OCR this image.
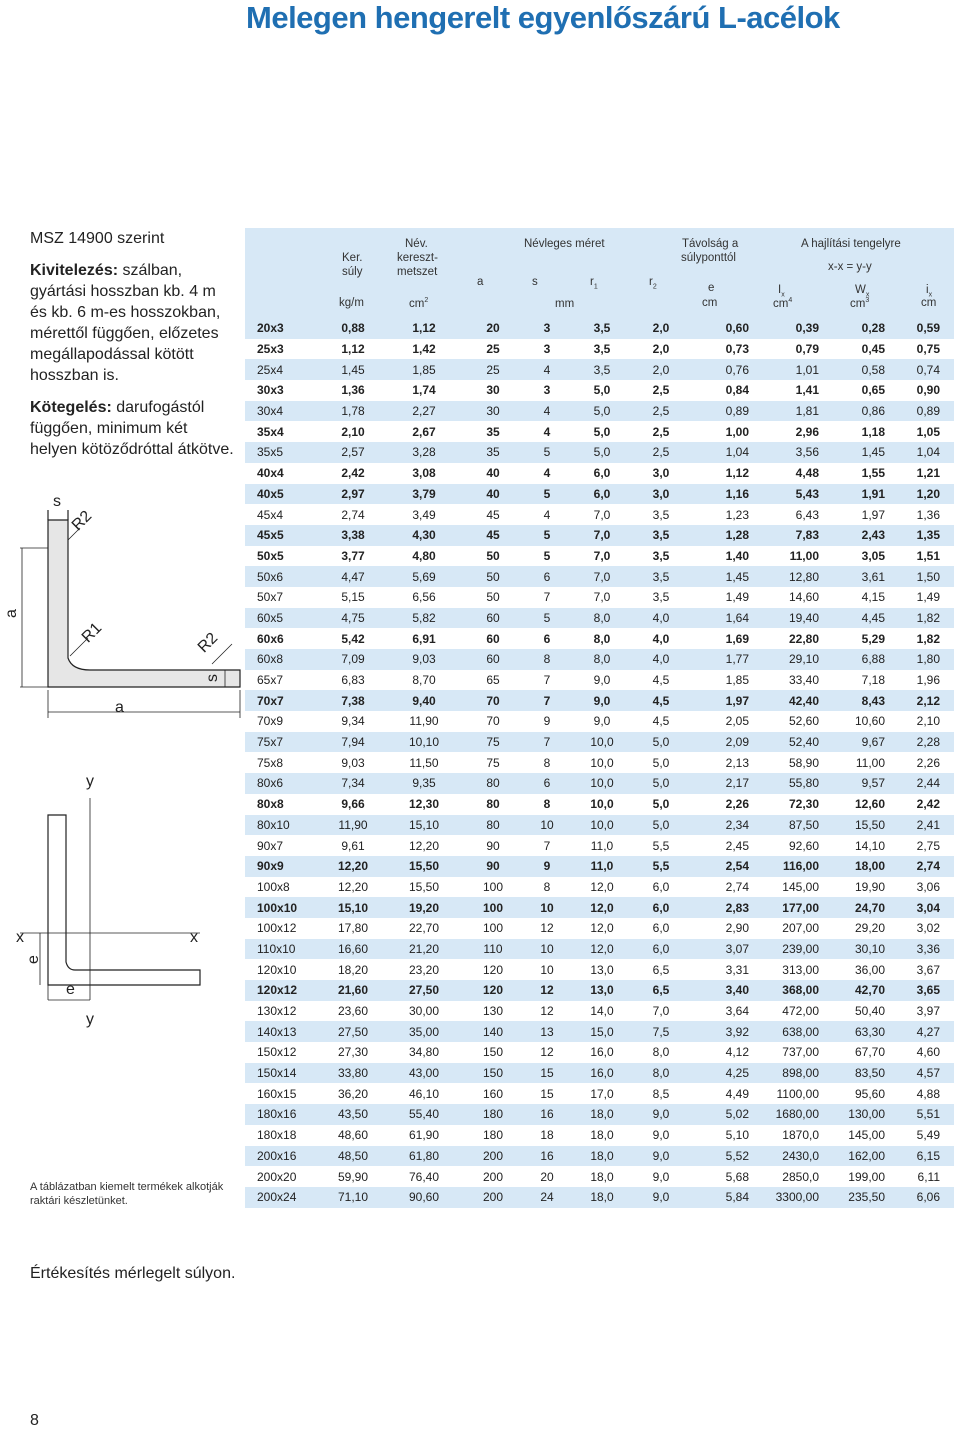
Melegen hengerelt egyenlőszárú L-acélok

MSZ 14900 szerint

Kivitelezés: szálban, gyártási hosszban kb. 4 m és kb. 6 m-es hosszokban, mérettől függően, előzetes megállapodással kötött hosszban is.

Kötegelés: darufogástól függően, minimum két helyen kötöződróttal átkötve.

s
R2
a
R1	R2
s
a
y
x	x
e
e
y
A táblázatban kiemelt termékek alkotják raktári készletünket.
Értékesítés mérlegelt súlyon.
8
Ker.
súly
Név.
kereszt-
metszet
Névleges méret
a	s	$r_1$	$r_2$
Távolság a
súlyponttól
A hajlítási tengelyre
x-x = y-y
e	$I_x$	$W_x$	$i_x$
kg/m	$cm^2$	mm	cm	$cm^4$	$cm^3$	cm
20x3	0,88	1,12	20	3	3,5	2,0	0,60	0,39	0,28	0,59
25x3	1,12	1,42	25	3	3,5	2,0	0,73	0,79	0,45	0,75
25x4	1,45	1,85	25	4	3,5	2,0	0,76	1,01	0,58	0,74
30x3	1,36	1,74	30	3	5,0	2,5	0,84	1,41	0,65	0,90
30x4	1,78	2,27	30	4	5,0	2,5	0,89	1,81	0,86	0,89
35x4	2,10	2,67	35	4	5,0	2,5	1,00	2,96	1,18	1,05
35x5	2,57	3,28	35	5	5,0	2,5	1,04	3,56	1,45	1,04
40x4	2,42	3,08	40	4	6,0	3,0	1,12	4,48	1,55	1,21
40x5	2,97	3,79	40	5	6,0	3,0	1,16	5,43	1,91	1,20
45x4	2,74	3,49	45	4	7,0	3,5	1,23	6,43	1,97	1,36
45x5	3,38	4,30	45	5	7,0	3,5	1,28	7,83	2,43	1,35
50x5	3,77	4,80	50	5	7,0	3,5	1,40	11,00	3,05	1,51
50x6	4,47	5,69	50	6	7,0	3,5	1,45	12,80	3,61	1,50
50x7	5,15	6,56	50	7	7,0	3,5	1,49	14,60	4,15	1,49
60x5	4,75	5,82	60	5	8,0	4,0	1,64	19,40	4,45	1,82
60x6	5,42	6,91	60	6	8,0	4,0	1,69	22,80	5,29	1,82
60x8	7,09	9,03	60	8	8,0	4,0	1,77	29,10	6,88	1,80
65x7	6,83	8,70	65	7	9,0	4,5	1,85	33,40	7,18	1,96
70x7	7,38	9,40	70	7	9,0	4,5	1,97	42,40	8,43	2,12
70x9	9,34	11,90	70	9	9,0	4,5	2,05	52,60	10,60	2,10
75x7	7,94	10,10	75	7	10,0	5,0	2,09	52,40	9,67	2,28
75x8	9,03	11,50	75	8	10,0	5,0	2,13	58,90	11,00	2,26
80x6	7,34	9,35	80	6	10,0	5,0	2,17	55,80	9,57	2,44
80x8	9,66	12,30	80	8	10,0	5,0	2,26	72,30	12,60	2,42
80x10	11,90	15,10	80	10	10,0	5,0	2,34	87,50	15,50	2,41
90x7	9,61	12,20	90	7	11,0	5,5	2,45	92,60	14,10	2,75
90x9	12,20	15,50	90	9	11,0	5,5	2,54	116,00	18,00	2,74
100x8	12,20	15,50	100	8	12,0	6,0	2,74	145,00	19,90	3,06
100x10	15,10	19,20	100	10	12,0	6,0	2,83	177,00	24,70	3,04
100x12	17,80	22,70	100	12	12,0	6,0	2,90	207,00	29,20	3,02
110x10	16,60	21,20	110	10	12,0	6,0	3,07	239,00	30,10	3,36
120x10	18,20	23,20	120	10	13,0	6,5	3,31	313,00	36,00	3,67
120x12	21,60	27,50	120	12	13,0	6,5	3,40	368,00	42,70	3,65
130x12	23,60	30,00	130	12	14,0	7,0	3,64	472,00	50,40	3,97
140x13	27,50	35,00	140	13	15,0	7,5	3,92	638,00	63,30	4,27
150x12	27,30	34,80	150	12	16,0	8,0	4,12	737,00	67,70	4,60
150x14	33,80	43,00	150	15	16,0	8,0	4,25	898,00	83,50	4,57
160x15	36,20	46,10	160	15	17,0	8,5	4,49	1100,00	95,60	4,88
180x16	43,50	55,40	180	16	18,0	9,0	5,02	1680,00	130,00	5,51
180x18	48,60	61,90	180	18	18,0	9,0	5,10	1870,0	145,00	5,49
200x16	48,50	61,80	200	16	18,0	9,0	5,52	2430,0	162,00	6,15
200x20	59,90	76,40	200	20	18,0	9,0	5,68	2850,0	199,00	6,11
200x24	71,10	90,60	200	24	18,0	9,0	5,84	3300,00	235,50	6,06
